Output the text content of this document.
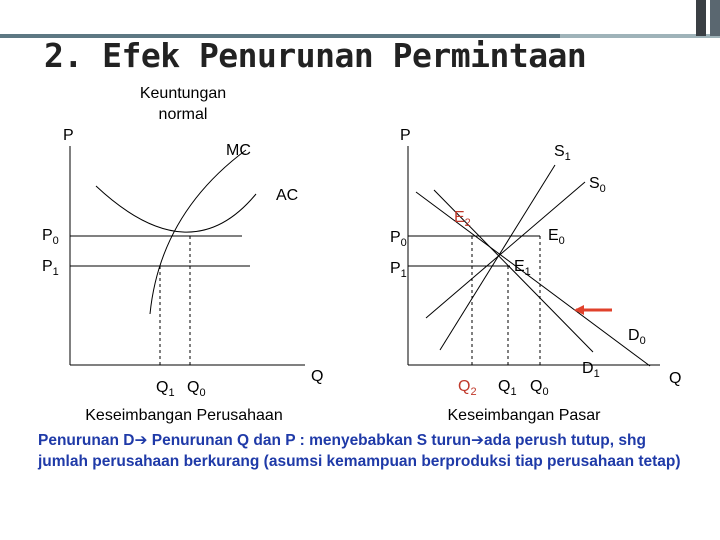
2. Efek Penurunan Permintaan
Keuntungan
normal
P
MC
AC
$P_0$
$P_1$
$Q_1$ $Q_0$
Q
Keseimbangan Perusahaan
P
$S_1$
$S_0$
$E_2$
$E_0$
$E_1$
$P_0$
$P_1$
$D_0$
$D_1$
$Q_2$ $Q_1$ $Q_0$
Q
Keseimbangan Pasar
Penurunan D➔ Penurunan Q dan P : menyebabkan S turun➔ada perush tutup, shg jumlah perusahaan berkurang (asumsi kemampuan berproduksi tiap perusahaan tetap)
